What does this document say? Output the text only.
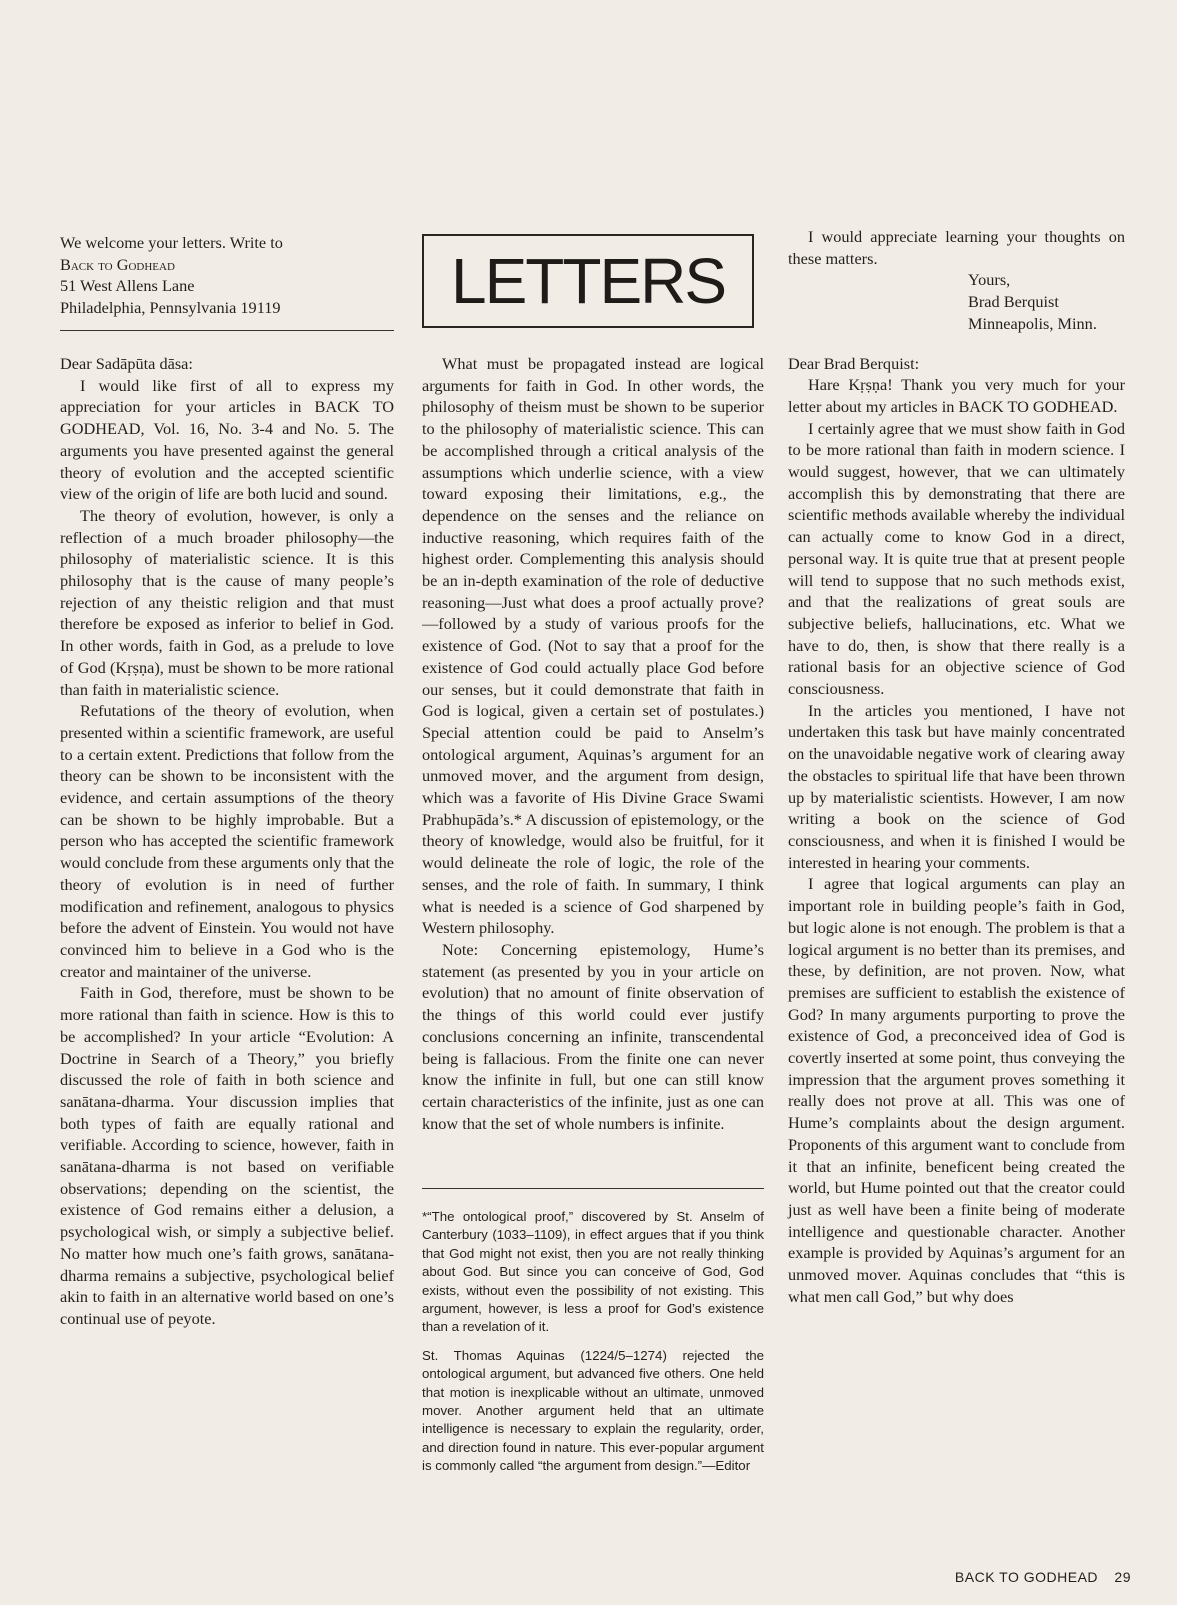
We welcome your letters. Write to
Back to Godhead
51 West Allens Lane
Philadelphia, Pennsylvania 19119	LETTERS

Dear Sadāpūta dāsa:

I would like first of all to express my appreciation for your articles in BACK TO GODHEAD, Vol. 16, No. 3-4 and No. 5. The arguments you have presented against the general theory of evolution and the accepted scientific view of the origin of life are both lucid and sound.

The theory of evolution, however, is only a reflection of a much broader philosophy—the philosophy of materialistic science. It is this philosophy that is the cause of many people’s rejection of any theistic religion and that must therefore be exposed as inferior to belief in God. In other words, faith in God, as a prelude to love of God (Kṛṣṇa), must be shown to be more rational than faith in materialistic science.

Refutations of the theory of evolution, when presented within a scientific framework, are useful to a certain extent. Predictions that follow from the theory can be shown to be inconsistent with the evidence, and certain assumptions of the theory can be shown to be highly improbable. But a person who has accepted the scientific framework would conclude from these arguments only that the theory of evolution is in need of further modification and refinement, analogous to physics before the advent of Einstein. You would not have convinced him to believe in a God who is the creator and maintainer of the universe.

Faith in God, therefore, must be shown to be more rational than faith in science. How is this to be accomplished? In your article “Evolution: A Doctrine in Search of a Theory,” you briefly discussed the role of faith in both science and sanātana-dharma. Your discussion implies that both types of faith are equally rational and verifiable. According to science, however, faith in sanātana-dharma is not based on verifiable observations; depending on the scientist, the existence of God remains either a delusion, a psychological wish, or simply a subjective belief. No matter how much one’s faith grows, sanātana-dharma remains a subjective, psychological belief akin to faith in an alternative world based on one’s continual use of peyote.

What must be propagated instead are logical arguments for faith in God. In other words, the philosophy of theism must be shown to be superior to the philosophy of materialistic science. This can be accomplished through a critical analysis of the assumptions which underlie science, with a view toward exposing their limitations, e.g., the dependence on the senses and the reliance on inductive reasoning, which requires faith of the highest order. Complementing this analysis should be an in-depth examination of the role of deductive reasoning—Just what does a proof actually prove?—followed by a study of various proofs for the existence of God. (Not to say that a proof for the existence of God could actually place God before our senses, but it could demonstrate that faith in God is logical, given a certain set of postulates.) Special attention could be paid to Anselm’s ontological argument, Aquinas’s argument for an unmoved mover, and the argument from design, which was a favorite of His Divine Grace Swami Prabhupāda’s.* A discussion of epistemology, or the theory of knowledge, would also be fruitful, for it would delineate the role of logic, the role of the senses, and the role of faith. In summary, I think what is needed is a science of God sharpened by Western philosophy.

Note: Concerning epistemology, Hume’s statement (as presented by you in your article on evolution) that no amount of finite observation of the things of this world could ever justify conclusions concerning an infinite, transcendental being is fallacious. From the finite one can never know the infinite in full, but one can still know certain characteristics of the infinite, just as one can know that the set of whole numbers is infinite.

*“The ontological proof,” discovered by St. Anselm of Canterbury (1033–1109), in effect argues that if you think that God might not exist, then you are not really thinking about God. But since you can conceive of God, God exists, without even the possibility of not existing. This argument, however, is less a proof for God’s existence than a revelation of it.

St. Thomas Aquinas (1224/5–1274) rejected the ontological argument, but advanced five others. One held that motion is inexplicable without an ultimate, unmoved mover. Another argument held that an ultimate intelligence is necessary to explain the regularity, order, and direction found in nature. This ever-popular argument is commonly called “the argument from design.”—Editor

I would appreciate learning your thoughts on these matters.

Yours,
Brad Berquist
Minneapolis, Minn.

Dear Brad Berquist:

Hare Kṛṣṇa! Thank you very much for your letter about my articles in BACK TO GODHEAD.

I certainly agree that we must show faith in God to be more rational than faith in modern science. I would suggest, however, that we can ultimately accomplish this by demonstrating that there are scientific methods available whereby the individual can actually come to know God in a direct, personal way. It is quite true that at present people will tend to suppose that no such methods exist, and that the realizations of great souls are subjective beliefs, hallucinations, etc. What we have to do, then, is show that there really is a rational basis for an objective science of God consciousness.

In the articles you mentioned, I have not undertaken this task but have mainly concentrated on the unavoidable negative work of clearing away the obstacles to spiritual life that have been thrown up by materialistic scientists. However, I am now writing a book on the science of God consciousness, and when it is finished I would be interested in hearing your comments.

I agree that logical arguments can play an important role in building people’s faith in God, but logic alone is not enough. The problem is that a logical argument is no better than its premises, and these, by definition, are not proven. Now, what premises are sufficient to establish the existence of God? In many arguments purporting to prove the existence of God, a preconceived idea of God is covertly inserted at some point, thus conveying the impression that the argument proves something it really does not prove at all. This was one of Hume’s complaints about the design argument. Proponents of this argument want to conclude from it that an infinite, beneficent being created the world, but Hume pointed out that the creator could just as well have been a finite being of moderate intelligence and questionable character. Another example is provided by Aquinas’s argument for an unmoved mover. Aquinas concludes that “this is what men call God,” but why does

BACK TO GODHEAD 29
